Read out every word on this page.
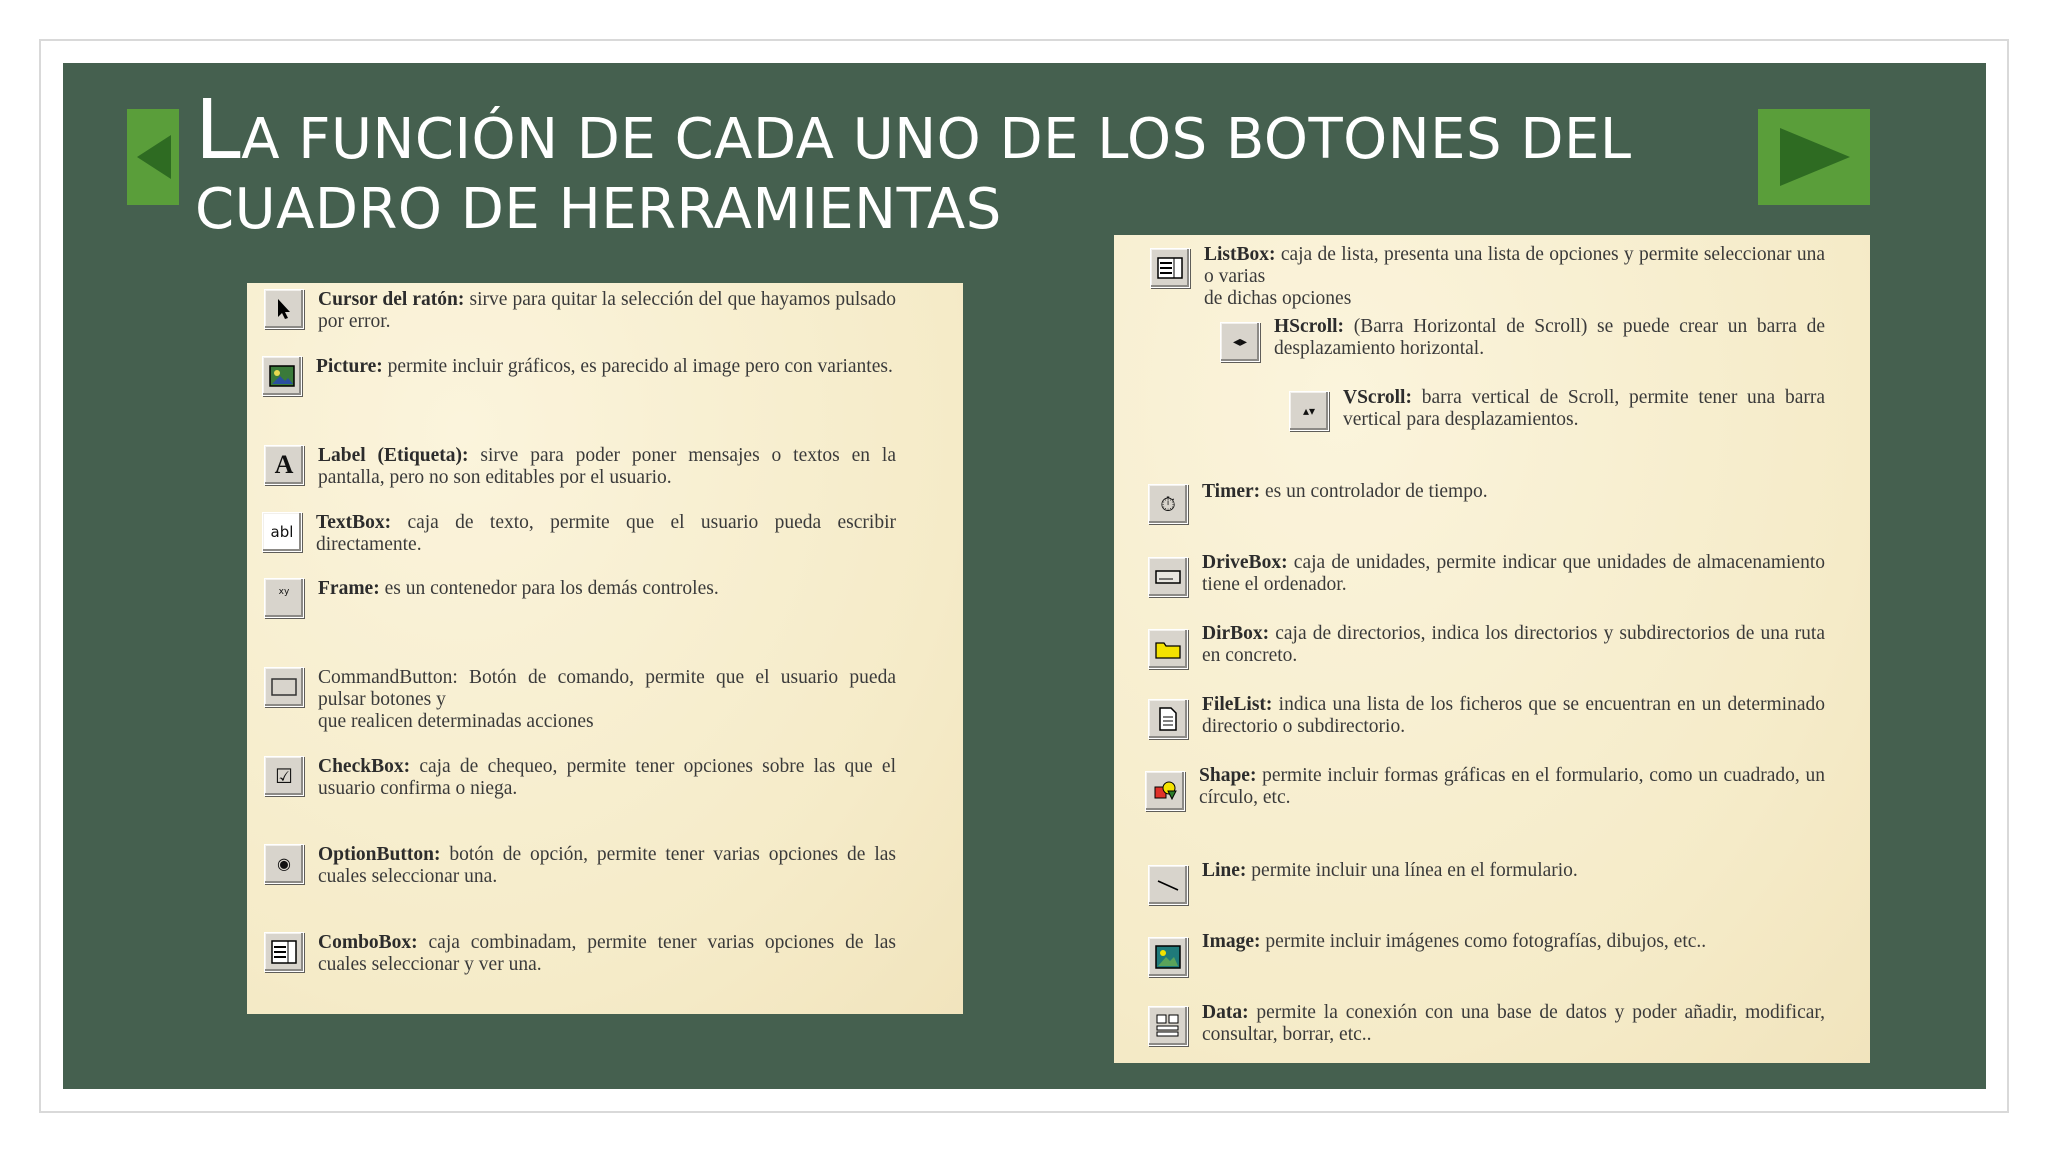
LA FUNCIÓN DE CADA UNO DE LOS BOTONES DEL
CUADRO DE HERRAMIENTAS
Cursor del ratón: sirve para quitar la selección del que hayamos pulsado por error.
Picture: permite incluir gráficos, es parecido al image pero con variantes.
A	Label (Etiqueta): sirve para poder poner mensajes o textos en la pantalla, pero no son editables por el usuario.
abl	TextBox: caja de texto, permite que el usuario pueda escribir directamente.
xy	Frame: es un contenedor para los demás controles.
CommandButton: Botón de comando, permite que el usuario pueda pulsar botones y
que realicen determinadas acciones
☑	CheckBox: caja de chequeo, permite tener opciones sobre las que el usuario confirma o niega.
◉	OptionButton: botón de opción, permite tener varias opciones de las cuales seleccionar una.
ComboBox: caja combinadam, permite tener varias opciones de las cuales seleccionar y ver una.
ListBox: caja de lista, presenta una lista de opciones y permite seleccionar una o varias
de dichas opciones
◂▸
HScroll: (Barra Horizontal de Scroll) se puede crear un barra de desplazamiento horizontal.
▴▾
VScroll: barra vertical de Scroll, permite tener una barra vertical para desplazamientos.
⏱
Timer: es un controlador de tiempo.
DriveBox: caja de unidades, permite indicar que unidades de almacenamiento tiene el ordenador.
DirBox: caja de directorios, indica los directorios y subdirectorios de una ruta en concreto.
FileList: indica una lista de los ficheros que se encuentran en un determinado directorio o subdirectorio.
Shape: permite incluir formas gráficas en el formulario, como un cuadrado, un círculo, etc.
Line: permite incluir una línea en el formulario.
Image: permite incluir imágenes como fotografías, dibujos, etc..
Data: permite la conexión con una base de datos y poder añadir, modificar, consultar, borrar, etc..
